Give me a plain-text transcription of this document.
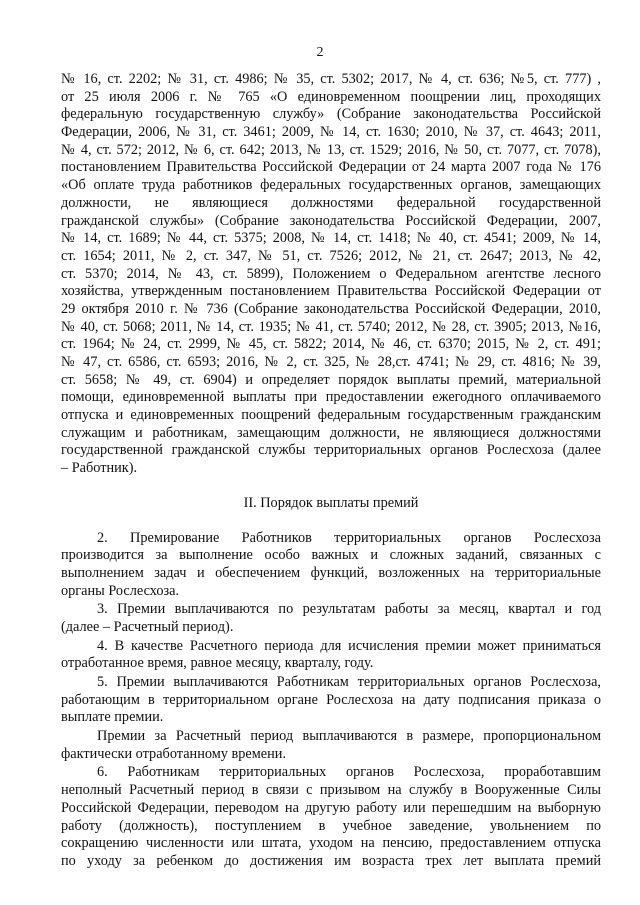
2
№ 16, ст. 2202; № 31, ст. 4986; № 35, ст. 5302; 2017, № 4, ст. 636; №5, ст. 777) ,
от 25 июля 2006 г. № 765 «О единовременном поощрении лиц, проходящих
федеральную государственную службу» (Собрание законодательства Российской
Федерации, 2006, № 31, ст. 3461; 2009, № 14, ст. 1630; 2010, № 37, ст. 4643; 2011,
№ 4, ст. 572; 2012, № 6, ст. 642; 2013, № 13, ст. 1529; 2016, № 50, ст. 7077, ст. 7078),
постановлением Правительства Российской Федерации от 24 марта 2007 года № 176
«Об оплате труда работников федеральных государственных органов, замещающих
должности, не являющиеся должностями федеральной государственной
гражданской службы» (Собрание законодательства Российской Федерации, 2007,
№ 14, ст. 1689; № 44, ст. 5375; 2008, № 14, ст. 1418; № 40, ст. 4541; 2009, № 14,
ст. 1654; 2011, № 2, ст. 347, № 51, ст. 7526; 2012, № 21, ст. 2647; 2013, № 42,
ст. 5370; 2014, № 43, ст. 5899), Положением о Федеральном агентстве лесного
хозяйства, утвержденным постановлением Правительства Российской Федерации от
29 октября 2010 г. № 736 (Собрание законодательства Российской Федерации, 2010,
№ 40, ст. 5068; 2011, № 14, ст. 1935; № 41, ст. 5740; 2012, № 28, ст. 3905; 2013, №16,
ст. 1964; № 24, ст. 2999, № 45, ст. 5822; 2014, № 46, ст. 6370; 2015, № 2, ст. 491;
№ 47, ст. 6586, ст. 6593; 2016, № 2, ст. 325, № 28,ст. 4741; № 29, ст. 4816; № 39,
ст. 5658; № 49, ст. 6904) и определяет порядок выплаты премий, материальной
помощи, единовременной выплаты при предоставлении ежегодного оплачиваемого
отпуска и единовременных поощрений федеральным государственным гражданским
служащим и работникам, замещающим должности, не являющиеся должностями
государственной гражданской службы территориальных органов Рослесхоза (далее
– Работник).
II. Порядок выплаты премий
2. Премирование Работников территориальных органов Рослесхоза
производится за выполнение особо важных и сложных заданий, связанных с
выполнением задач и обеспечением функций, возложенных на территориальные
органы Рослесхоза.
3. Премии выплачиваются по результатам работы за месяц, квартал и год
(далее – Расчетный период).
4. В качестве Расчетного периода для исчисления премии может приниматься
отработанное время, равное месяцу, кварталу, году.
5. Премии выплачиваются Работникам территориальных органов Рослесхоза,
работающим в территориальном органе Рослесхоза на дату подписания приказа о
выплате премии.
Премии за Расчетный период выплачиваются в размере, пропорциональном
фактически отработанному времени.
6. Работникам территориальных органов Рослесхоза, проработавшим
неполный Расчетный период в связи с призывом на службу в Вооруженные Силы
Российской Федерации, переводом на другую работу или перешедшим на выборную
работу (должность), поступлением в учебное заведение, увольнением по
сокращению численности или штата, уходом на пенсию, предоставлением отпуска
по уходу за ребенком до достижения им возраста трех лет выплата премий
